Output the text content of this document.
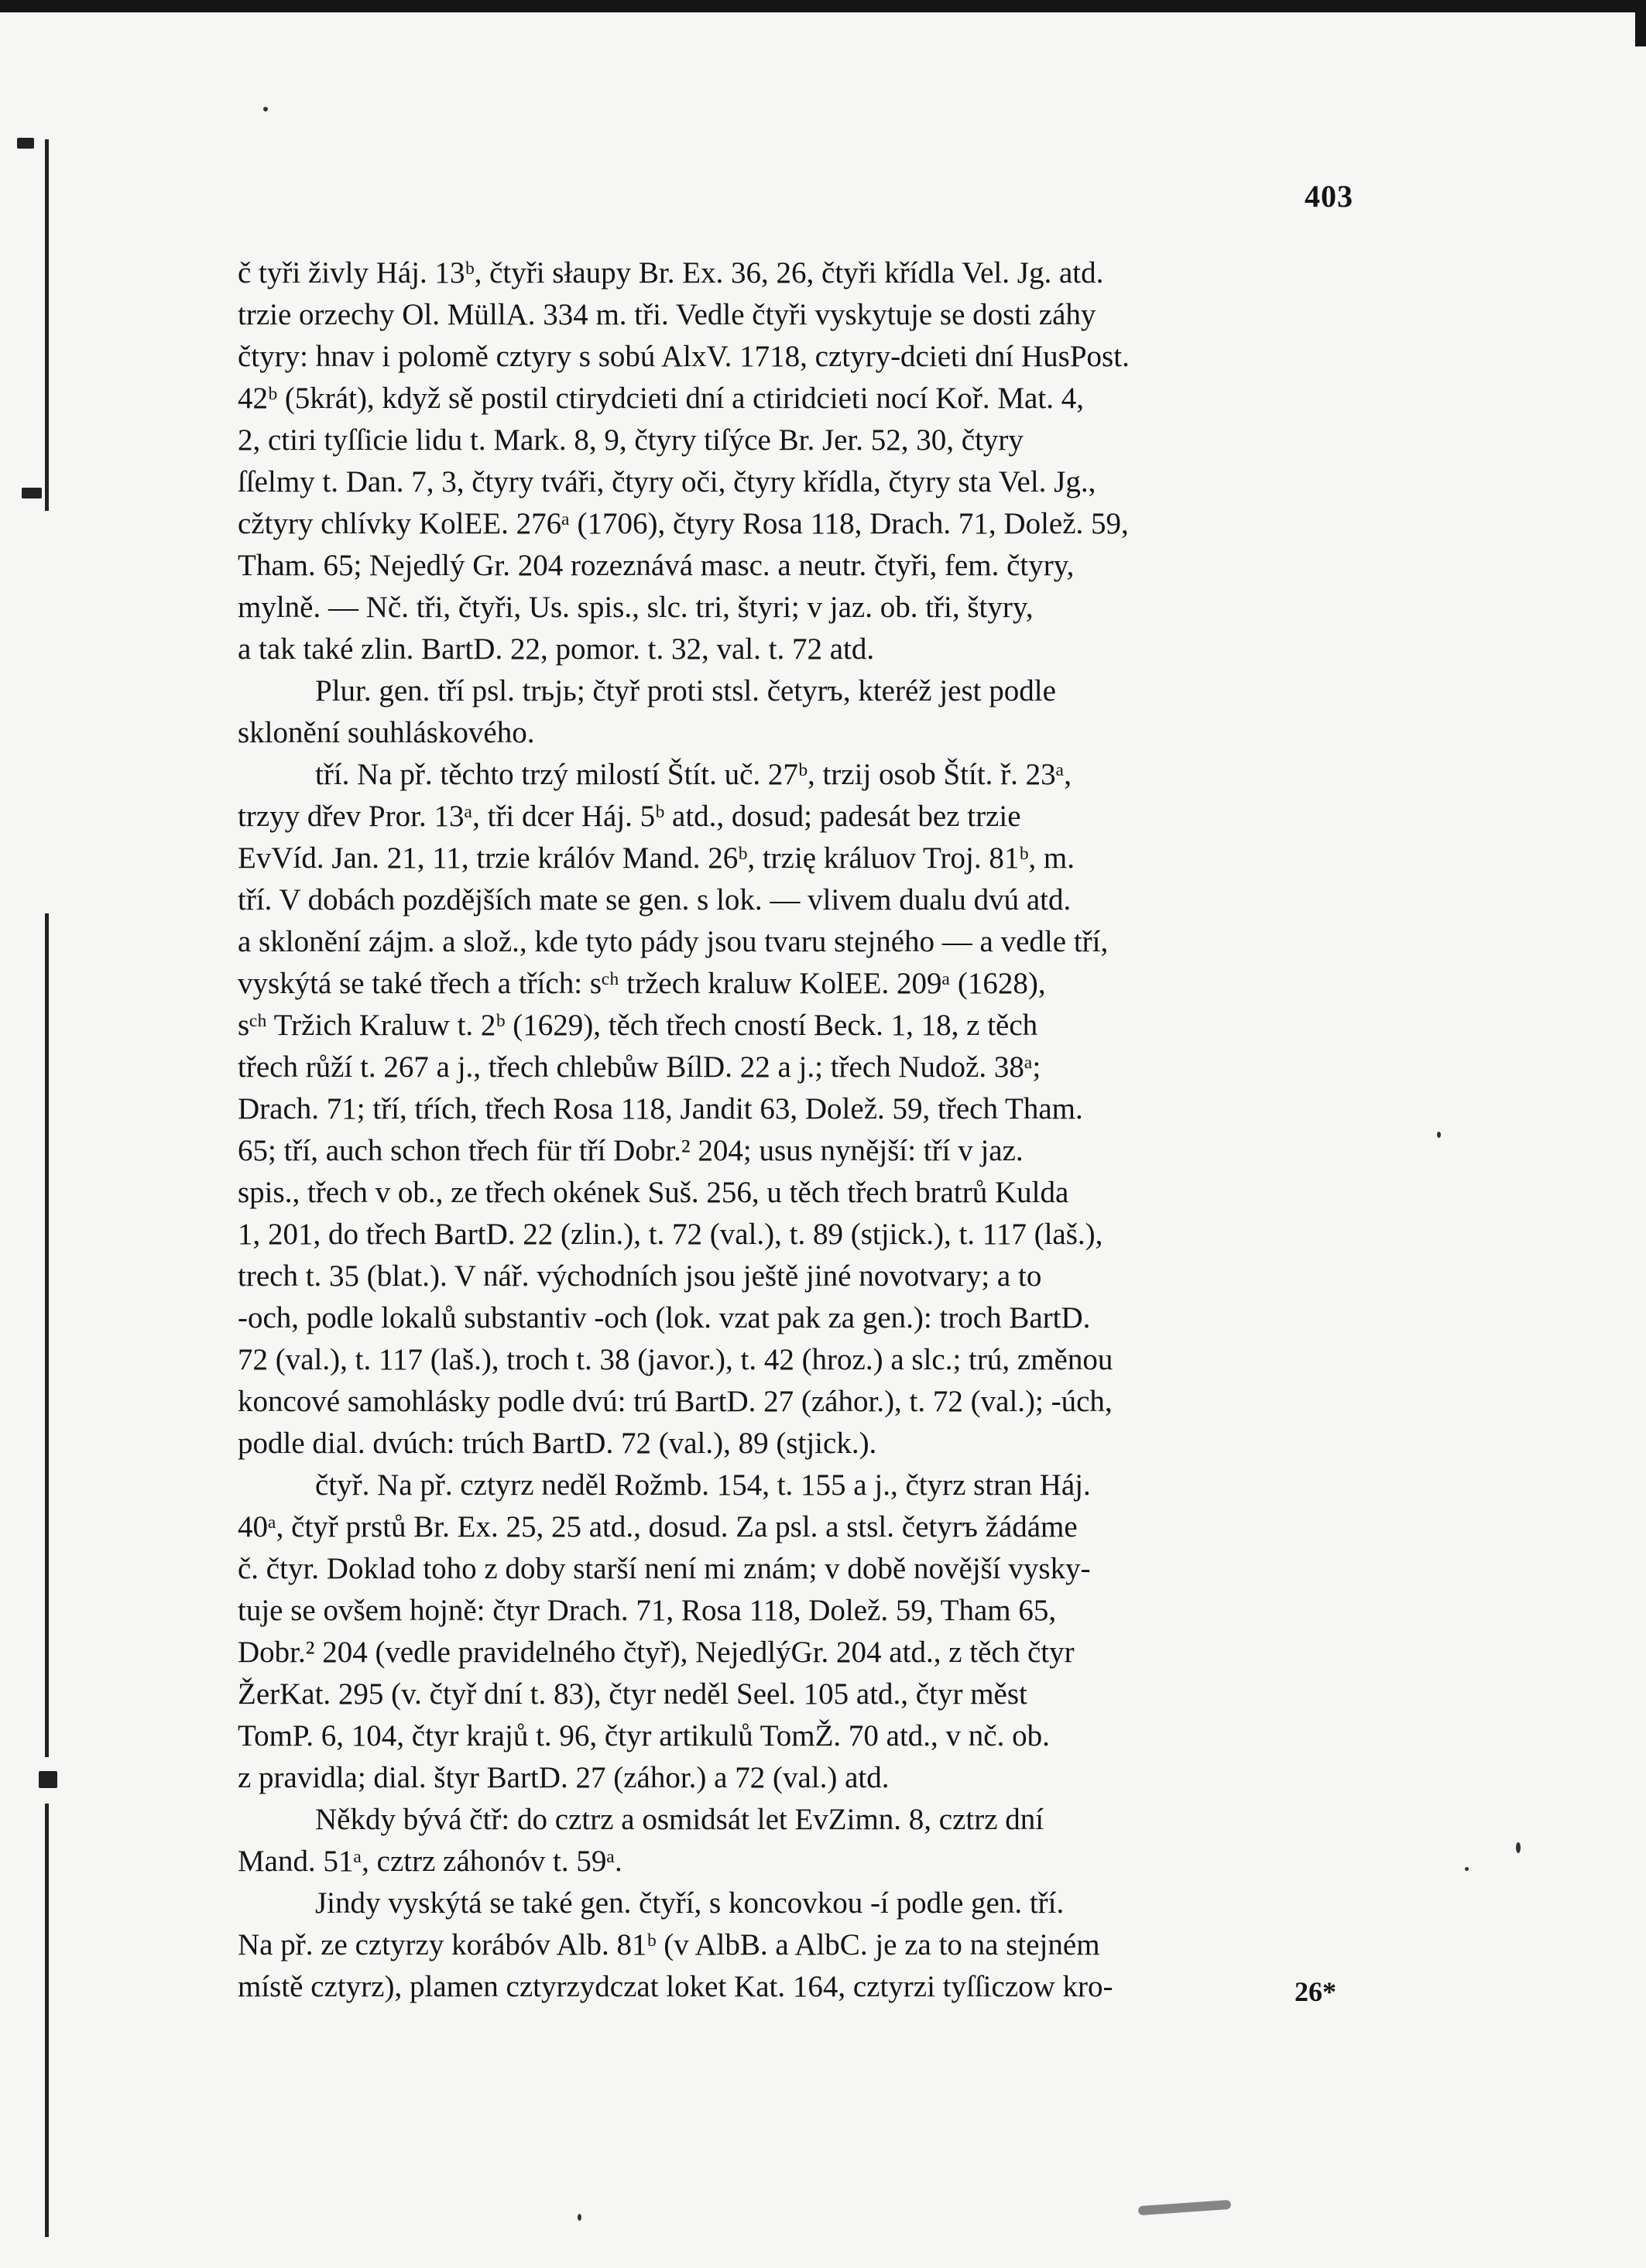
403
č tyři živly Háj. 13ᵇ, čtyři słaupy Br. Ex. 36, 26, čtyři křídla Vel. Jg. atd.
trzie orzechy Ol. MüllA. 334 m. tři. Vedle čtyři vyskytuje se dosti záhy
čtyry: hnav i polomě cztyry s sobú AlxV. 1718, cztyry-dcieti dní HusPost.
42ᵇ (5krát), když sě postil ctirydcieti dní a ctiridcieti nocí Koř. Mat. 4,
2, ctiri tyſſicie lidu t. Mark. 8, 9, čtyry tiſýce Br. Jer. 52, 30, čtyry
ſſelmy t. Dan. 7, 3, čtyry tváři, čtyry oči, čtyry křídla, čtyry sta Vel. Jg.,
cžtyry chlívky KolEE. 276ᵃ (1706), čtyry Rosa 118, Drach. 71, Dolež. 59,
Tham. 65; Nejedlý Gr. 204 rozeznává masc. a neutr. čtyři, fem. čtyry,
mylně. — Nč. tři, čtyři, Us. spis., slc. tri, štyri; v jaz. ob. tři, štyry,
a tak také zlin. BartD. 22, pomor. t. 32, val. t. 72 atd.
Plur. gen. tří psl. trьjь; čtyř proti stsl. četyrъ, kteréž jest podle
sklonění souhláskového.
tří. Na př. těchto trzý milostí Štít. uč. 27ᵇ, trzij osob Štít. ř. 23ᵃ,
trzyy dřev Pror. 13ᵃ, tři dcer Háj. 5ᵇ atd., dosud; padesát bez trzie
EvVíd. Jan. 21, 11, trzie králóv Mand. 26ᵇ, trzię králuov Troj. 81ᵇ, m.
tří. V dobách pozdějších mate se gen. s lok. — vlivem dualu dvú atd.
a sklonění zájm. a slož., kde tyto pády jsou tvaru stejného — a vedle tří,
vyskýtá se také třech a třích: sᶜʰ tržech kraluw KolEE. 209ᵃ (1628),
sᶜʰ Tržich Kraluw t. 2ᵇ (1629), těch třech cností Beck. 1, 18, z těch
třech růží t. 267 a j., třech chlebůw BílD. 22 a j.; třech Nudož. 38ᵃ;
Drach. 71; tří, tŕích, třech Rosa 118, Jandit 63, Dolež. 59, třech Tham.
65; tří, auch schon třech für tří Dobr.² 204; usus nynější: tří v jaz.
spis., třech v ob., ze třech okének Suš. 256, u těch třech bratrů Kulda
1, 201, do třech BartD. 22 (zlin.), t. 72 (val.), t. 89 (stjick.), t. 117 (laš.),
trech t. 35 (blat.). V nář. východních jsou ještě jiné novotvary; a to
-och, podle lokalů substantiv -och (lok. vzat pak za gen.): troch BartD.
72 (val.), t. 117 (laš.), troch t. 38 (javor.), t. 42 (hroz.) a slc.; trú, změnou
koncové samohlásky podle dvú: trú BartD. 27 (záhor.), t. 72 (val.); -úch,
podle dial. dvúch: trúch BartD. 72 (val.), 89 (stjick.).
čtyř. Na př. cztyrz neděl Rožmb. 154, t. 155 a j., čtyrz stran Háj.
40ᵃ, čtyř prstů Br. Ex. 25, 25 atd., dosud. Za psl. a stsl. četyrъ žádáme
č. čtyr. Doklad toho z doby starší není mi znám; v době novější vysky-
tuje se ovšem hojně: čtyr Drach. 71, Rosa 118, Dolež. 59, Tham 65,
Dobr.² 204 (vedle pravidelného čtyř), NejedlýGr. 204 atd., z těch čtyr
ŽerKat. 295 (v. čtyř dní t. 83), čtyr neděl Seel. 105 atd., čtyr měst
TomP. 6, 104, čtyr krajů t. 96, čtyr artikulů TomŽ. 70 atd., v nč. ob.
z pravidla; dial. štyr BartD. 27 (záhor.) a 72 (val.) atd.
Někdy bývá čtř: do cztrz a osmidsát let EvZimn. 8, cztrz dní
Mand. 51ᵃ, cztrz záhonóv t. 59ᵃ.
Jindy vyskýtá se také gen. čtyří, s koncovkou -í podle gen. tří.
Na př. ze cztyrzy korábóv Alb. 81ᵇ (v AlbB. a AlbC. je za to na stejném
místě cztyrz), plamen cztyrzydczat loket Kat. 164, cztyrzi tyſſiczow kro-	26*
